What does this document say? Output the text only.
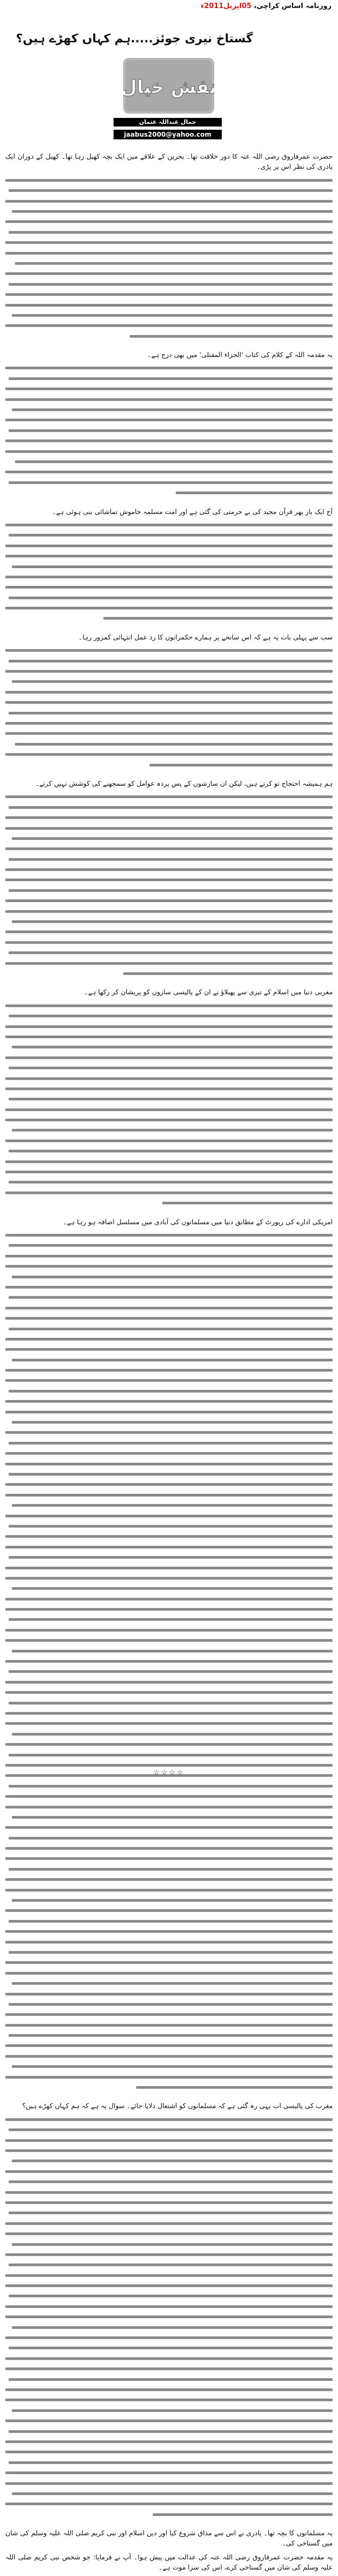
روزنامہ اساس کراچی، 05اپریل2011ء
گستاخ نیری جوئز.....ہم کہاں کھڑے ہیں؟
نقش خیال
جمال عبداللہ عثمان
jaabus2000@yahoo.com

حضرت عمرفاروق رضی اللہ عنہ کا دور خلافت تھا۔ بحرین کے علاقے میں ایک بچہ کھیل رہا تھا۔ کھیل کے دوران ایک پادری کی نظر اس پر پڑی۔

یہ مقدمہ اللہ کے کلام کی کتاب 'الجزاء المفتلی' میں بھی درج ہے۔

آج ایک بار پھر قرآن مجید کی بے حرمتی کی گئی ہے اور امت مسلمہ خاموش تماشائی بنی ہوئی ہے۔

سب سے پہلی بات یہ ہے کہ اس سانحے پر ہمارے حکمرانوں کا رد عمل انتہائی کمزور رہا۔

ہم ہمیشہ احتجاج تو کرتے ہیں، لیکن ان سازشوں کے پس پردہ عوامل کو سمجھنے کی کوشش نہیں کرتے۔

مغربی دنیا میں اسلام کے تیزی سے پھیلاؤ نے ان کے پالیسی سازوں کو پریشان کر رکھا ہے۔

امریکی ادارے کی رپورٹ کے مطابق دنیا میں مسلمانوں کی آبادی میں مسلسل اضافہ ہو رہا ہے۔

مغرب کی پالیسی اب یہی رہ گئی ہے کہ مسلمانوں کو اشتعال دلایا جائے۔ سوال یہ ہے کہ ہم کہاں کھڑے ہیں؟

یہ مسلمانوں کا بچہ تھا۔ پادری نے اس سے مذاق شروع کیا اور دین اسلام اور نبی کریم صلی اللہ علیہ وسلم کی شان میں گستاخی کی۔

یہ مقدمہ حضرت عمرفاروق رضی اللہ عنہ کی عدالت میں پیش ہوا۔ آپ نے فرمایا: جو شخص نبی کریم صلی اللہ علیہ وسلم کی شان میں گستاخی کرے، اس کی سزا موت ہے۔

☆☆☆☆
